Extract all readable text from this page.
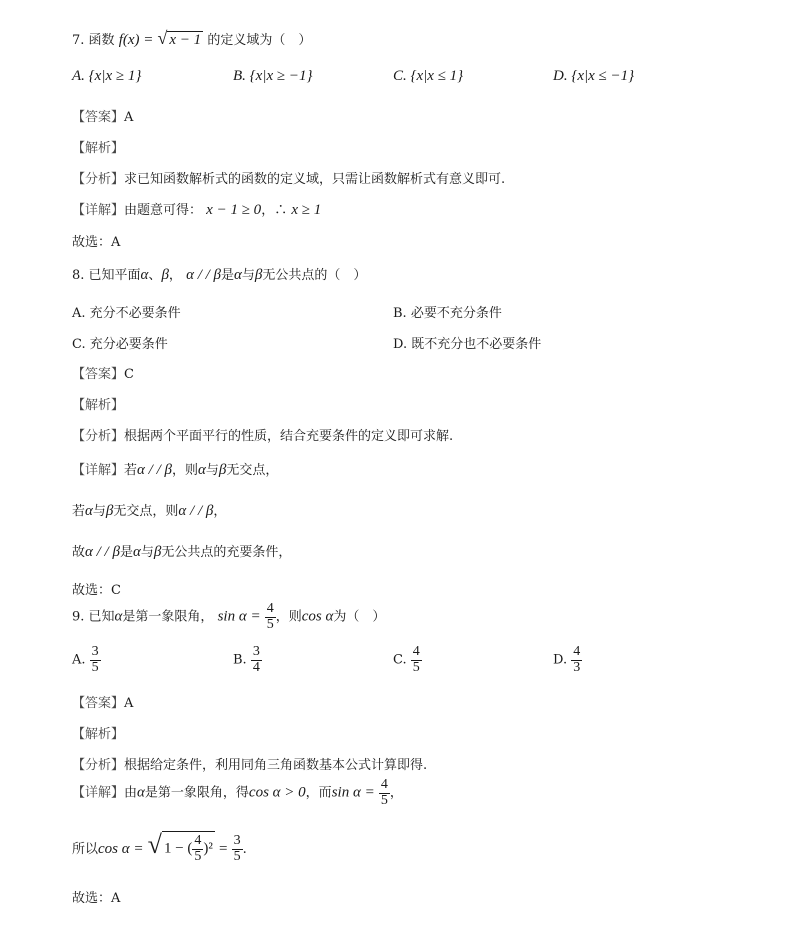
7. 函数 f(x) = √ x − 1 的定义域为（　）
A. {x|x ≥ 1}	B. {x|x ≥ −1}	C. {x|x ≤ 1}	D. {x|x ≤ −1}
【答案】A
【解析】
【分析】求已知函数解析式的函数的定义域，只需让函数解析式有意义即可.
【详解】由题意可得： x − 1 ≥ 0，∴ x ≥ 1
故选：A
8. 已知平面α、β， α / / β是α与β无公共点的（　）
A. 充分不必要条件	B. 必要不充分条件
C. 充分必要条件	D. 既不充分也不必要条件
【答案】C
【解析】
【分析】根据两个平面平行的性质，结合充要条件的定义即可求解.
【详解】若α / / β，则α与β无交点，
若α与β无交点，则α / / β，
故α / / β是α与β无公共点的充要条件，
故选：C
9. 已知α是第一象限角， $\sin \alpha = \frac{4}{5}$ ，则cos α为（　）
A. $\frac{3}{5}$	B. $\frac{3}{4}$	C. $\frac{4}{5}$	D. $\frac{4}{3}$
【答案】A
【解析】
【分析】根据给定条件，利用同角三角函数基本公式计算即得.
【详解】由α是第一象限角，得cos α > 0，而$\sin \alpha = \frac{4}{5}$ ，
所以cos α = √ 1 − ( $\frac{4}{5} )^2 = \frac{3}{5}$ .
故选：A
